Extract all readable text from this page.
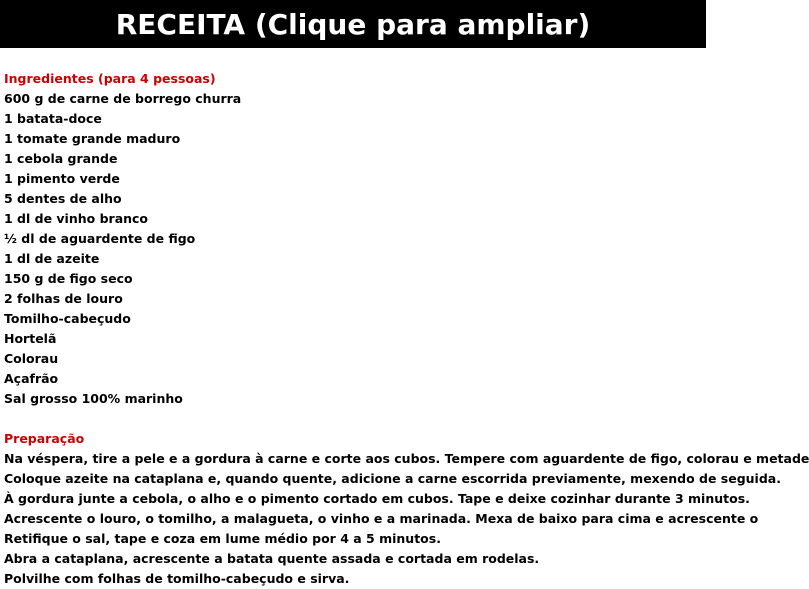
RECEITA (Clique para ampliar)
Ingredientes (para 4 pessoas)
600 g de carne de borrego churra
1 batata-doce
1 tomate grande maduro
1 cebola grande
1 pimento verde
5 dentes de alho
1 dl de vinho branco
½ dl de aguardente de figo
1 dl de azeite
150 g de figo seco
2 folhas de louro
Tomilho-cabeçudo
Hortelã
Colorau
Açafrão
Sal grosso 100% marinho
Preparação
Na véspera, tire a pele e a gordura à carne e corte aos cubos. Tempere com aguardente de figo, colorau e metade
Coloque azeite na cataplana e, quando quente, adicione a carne escorrida previamente, mexendo de seguida.
À gordura junte a cebola, o alho e o pimento cortado em cubos. Tape e deixe cozinhar durante 3 minutos.
Acrescente o louro, o tomilho, a malagueta, o vinho e a marinada. Mexa de baixo para cima e acrescente o
Retifique o sal, tape e coza em lume médio por 4 a 5 minutos.
Abra a cataplana, acrescente a batata quente assada e cortada em rodelas.
Polvilhe com folhas de tomilho-cabeçudo e sirva.
